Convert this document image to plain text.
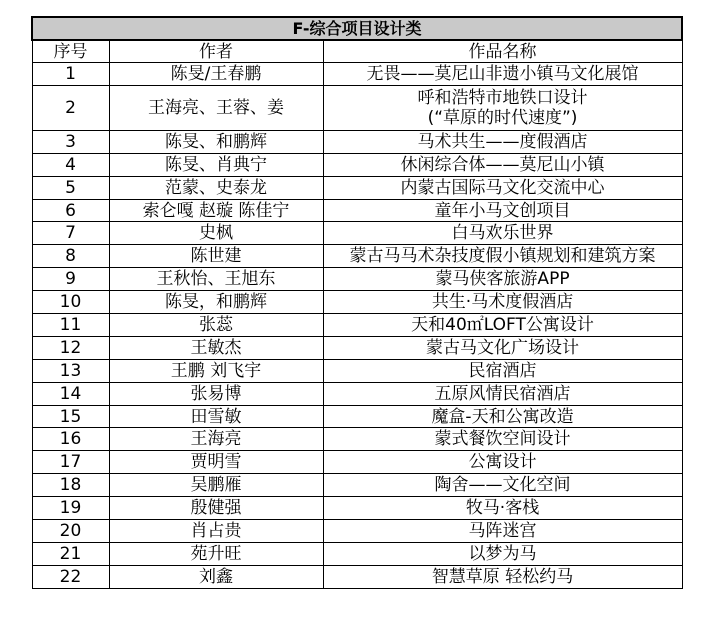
F-综合项目设计类		
序号	作者	作品名称
1	陈旻/王春鹏	无畏——莫尼山非遗小镇马文化展馆

2	王海亮、王蓉、姜	呼和浩特市地铁口设计
(“草原的时代速度”)

3	陈旻、和鹏辉	马术共生——度假酒店

4	陈旻、肖典宁	休闲综合体——莫尼山小镇

5	范蒙、史泰龙	内蒙古国际马文化交流中心

6	索仑嘎 赵璇 陈佳宁	童年小马文创项目

7	史枫	白马欢乐世界

8	陈世建	蒙古马马术杂技度假小镇规划和建筑方案

9	王秋怡、王旭东	蒙马侠客旅游APP

10	陈旻，和鹏辉	共生·马术度假酒店

11	张蕊	天和40㎡LOFT公寓设计

12	王敏杰	蒙古马文化广场设计

13	王鹏 刘飞宇	民宿酒店

14	张易博	五原风情民宿酒店

15	田雪敏	魔盒-天和公寓改造

16	王海亮	蒙式餐饮空间设计

17	贾明雪	公寓设计

18	吴鹏雁	陶舍——文化空间

19	殷健强	牧马·客栈

20	肖占贵	马阵迷宫

21	苑升旺	以梦为马

22	刘鑫	智慧草原 轻松约马
